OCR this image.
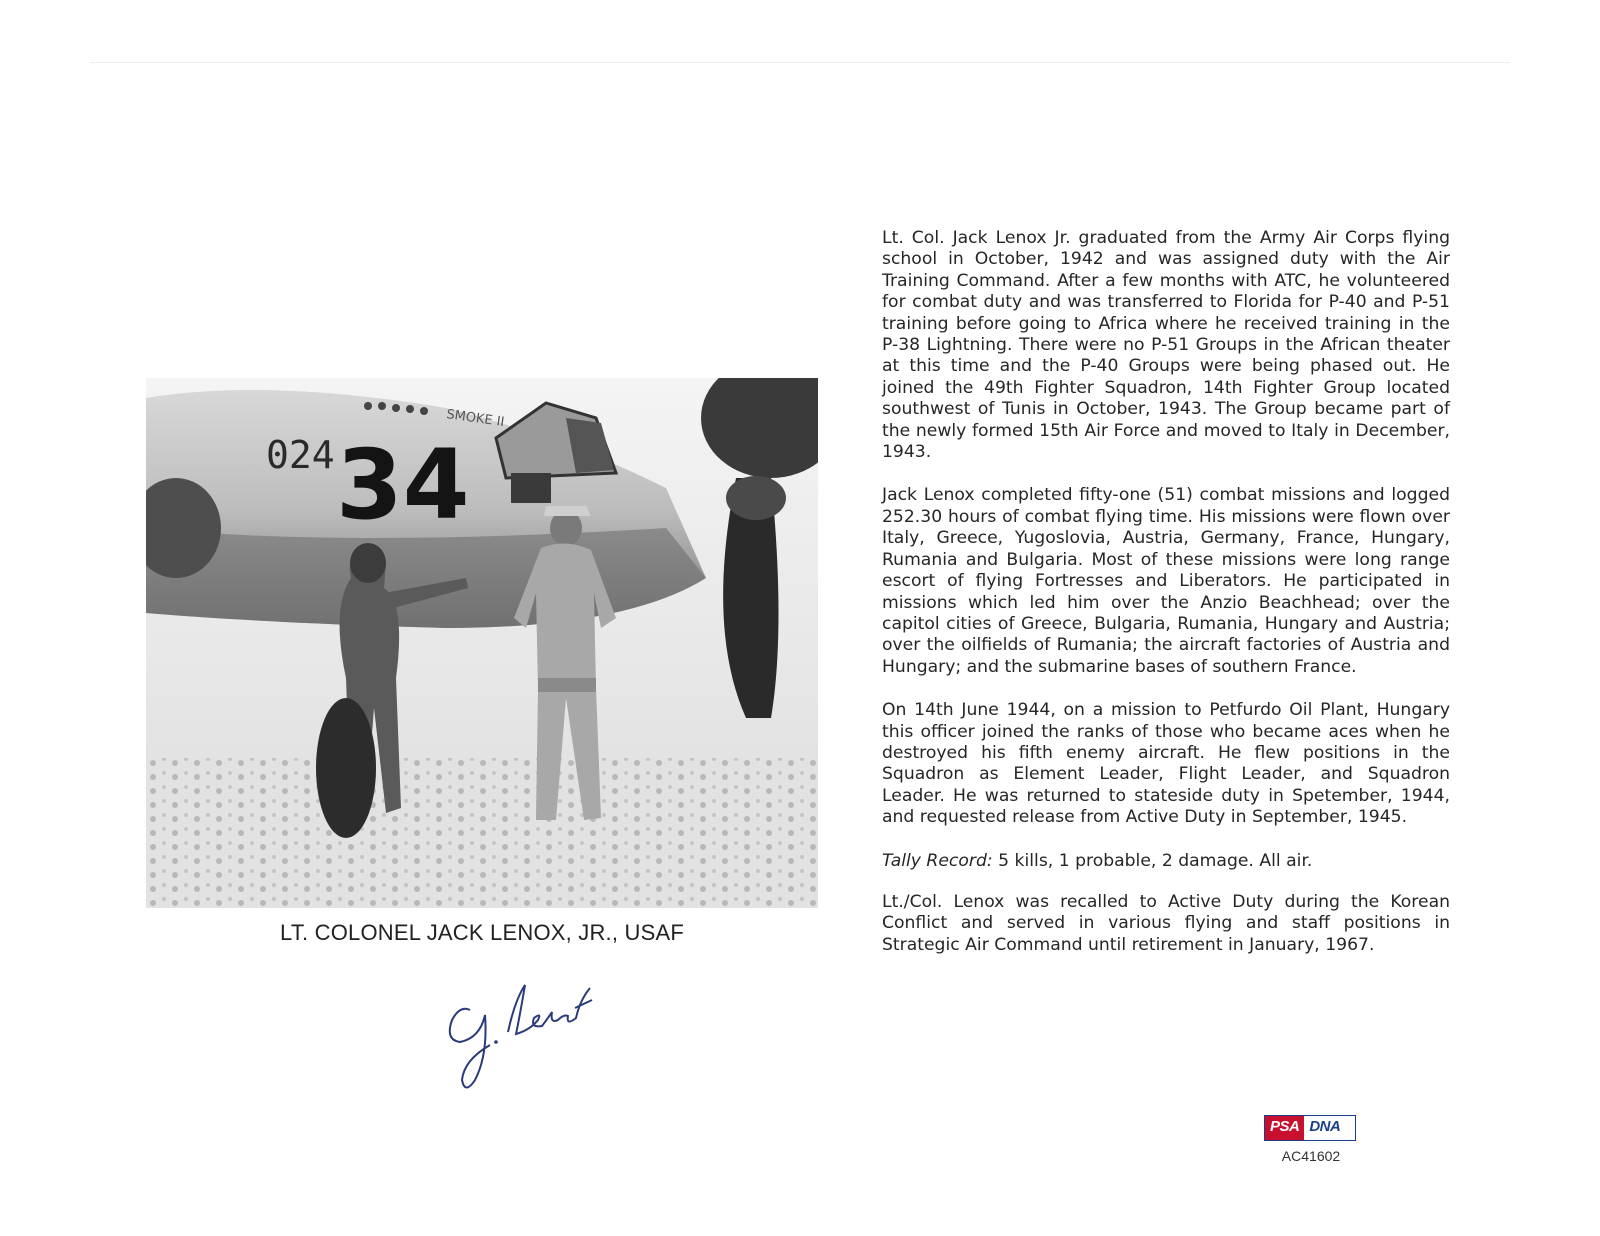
024 34
SMOKE II
LT. COLONEL JACK LENOX, JR., USAF

Lt. Col. Jack Lenox Jr. graduated from the Army Air Corps flying school in October, 1942 and was assigned duty with the Air Training Command. After a few months with ATC, he volunteered for combat duty and was transferred to Florida for P-40 and P-51 training before going to Africa where he received training in the P-38 Lightning. There were no P-51 Groups in the African theater at this time and the P-40 Groups were being phased out. He joined the 49th Fighter Squadron, 14th Fighter Group located southwest of Tunis in October, 1943. The Group became part of the newly formed 15th Air Force and moved to Italy in December, 1943.

Jack Lenox completed fifty-one (51) combat missions and logged 252.30 hours of combat flying time. His missions were flown over Italy, Greece, Yugoslovia, Austria, Germany, France, Hungary, Rumania and Bulgaria. Most of these missions were long range escort of flying Fortresses and Liberators. He participated in missions which led him over the Anzio Beachhead; over the capitol cities of Greece, Bulgaria, Rumania, Hungary and Austria; over the oilfields of Rumania; the aircraft factories of Austria and Hungary; and the submarine bases of southern France.

On 14th June 1944, on a mission to Petfurdo Oil Plant, Hungary this officer joined the ranks of those who became aces when he destroyed his fifth enemy aircraft. He flew positions in the Squadron as Element Leader, Flight Leader, and Squadron Leader. He was returned to stateside duty in Spetember, 1944, and requested release from Active Duty in September, 1945.

Tally Record: 5 kills, 1 probable, 2 damage. All air.

Lt./Col. Lenox was recalled to Active Duty during the Korean Conflict and served in various flying and staff positions in Strategic Air Command until retirement in January, 1967.

PSA DNA
AC41602
